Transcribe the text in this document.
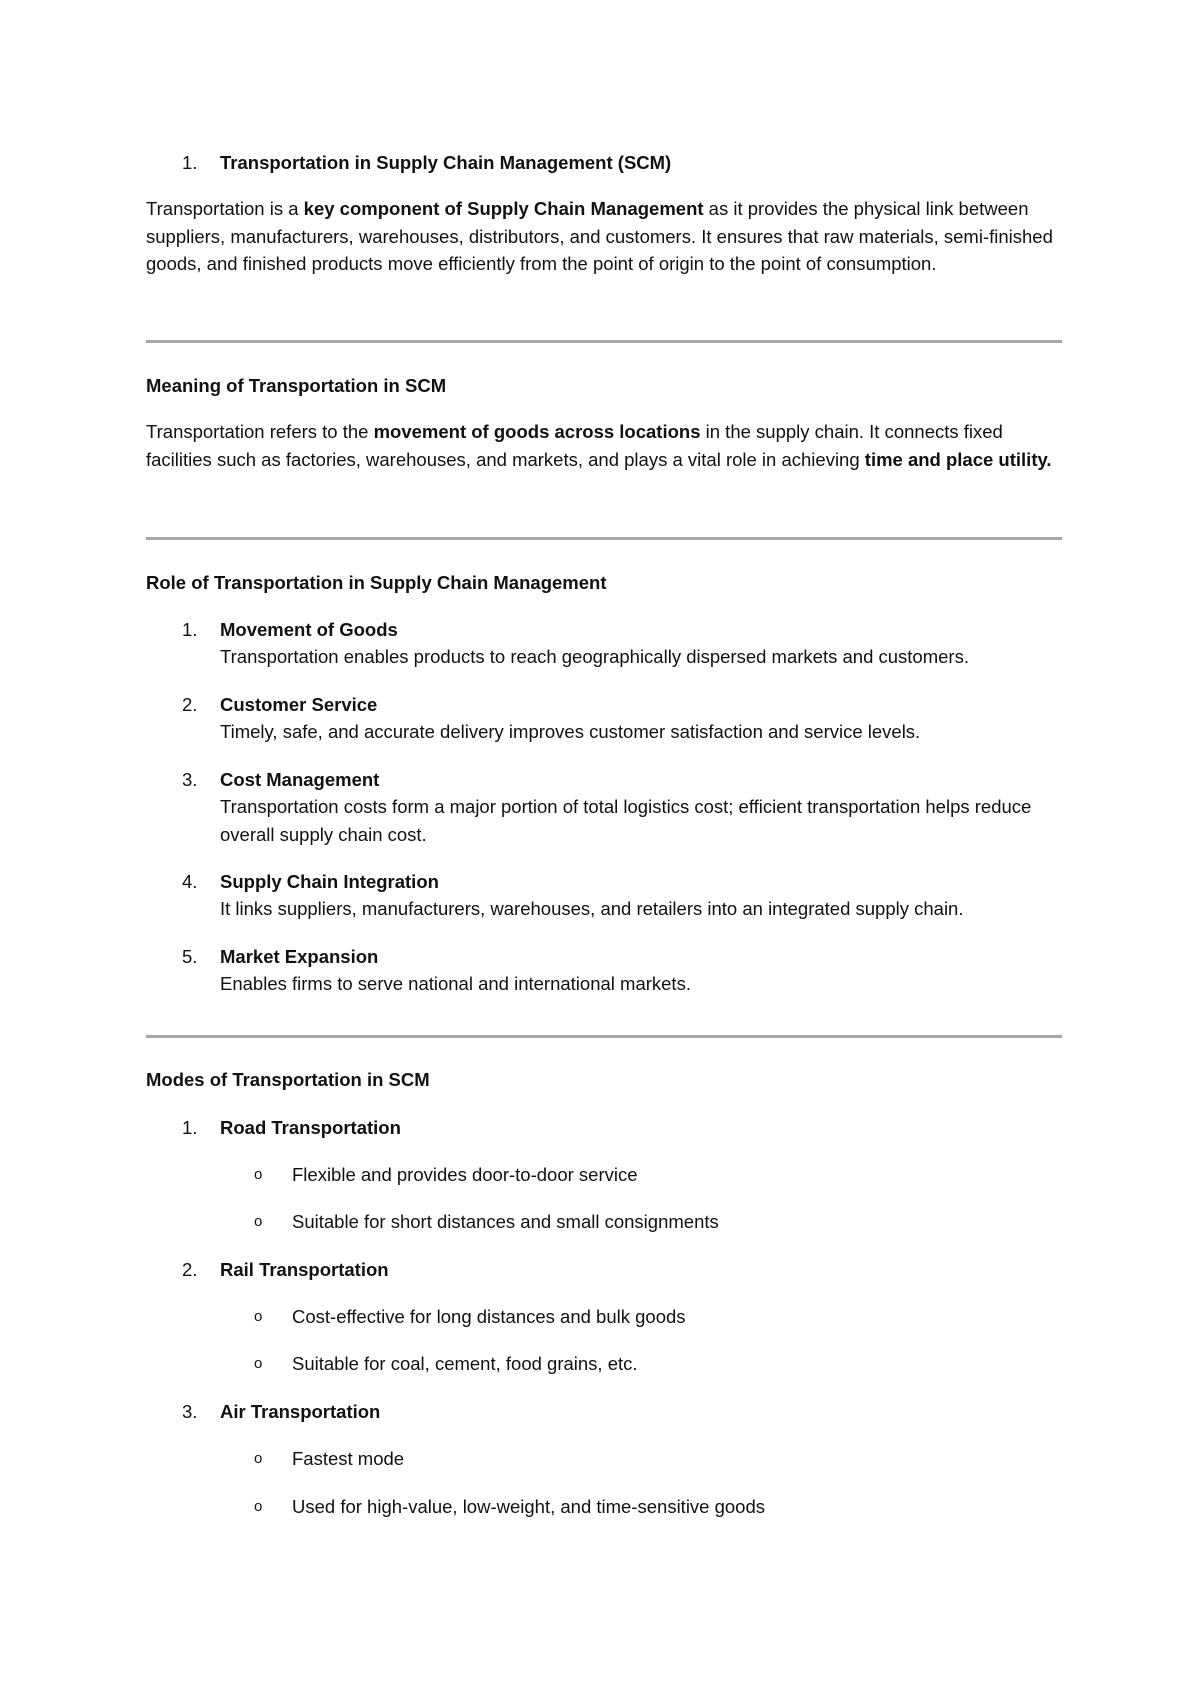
1. Transportation in Supply Chain Management (SCM)

Transportation is a key component of Supply Chain Management as it provides the physical link between suppliers, manufacturers, warehouses, distributors, and customers. It ensures that raw materials, semi-finished goods, and finished products move efficiently from the point of origin to the point of consumption.

Meaning of Transportation in SCM

Transportation refers to the movement of goods across locations in the supply chain. It connects fixed facilities such as factories, warehouses, and markets, and plays a vital role in achieving time and place utility.

Role of Transportation in Supply Chain Management
1. Movement of Goods
Transportation enables products to reach geographically dispersed markets and customers.
2. Customer Service
Timely, safe, and accurate delivery improves customer satisfaction and service levels.
3. Cost Management
Transportation costs form a major portion of total logistics cost; efficient transportation helps reduce overall supply chain cost.
4. Supply Chain Integration
It links suppliers, manufacturers, warehouses, and retailers into an integrated supply chain.
5. Market Expansion
Enables firms to serve national and international markets.
Modes of Transportation in SCM
1. Road Transportation
o Flexible and provides door-to-door service
o Suitable for short distances and small consignments
2. Rail Transportation
o Cost-effective for long distances and bulk goods
o Suitable for coal, cement, food grains, etc.
3. Air Transportation
o Fastest mode
o Used for high-value, low-weight, and time-sensitive goods
